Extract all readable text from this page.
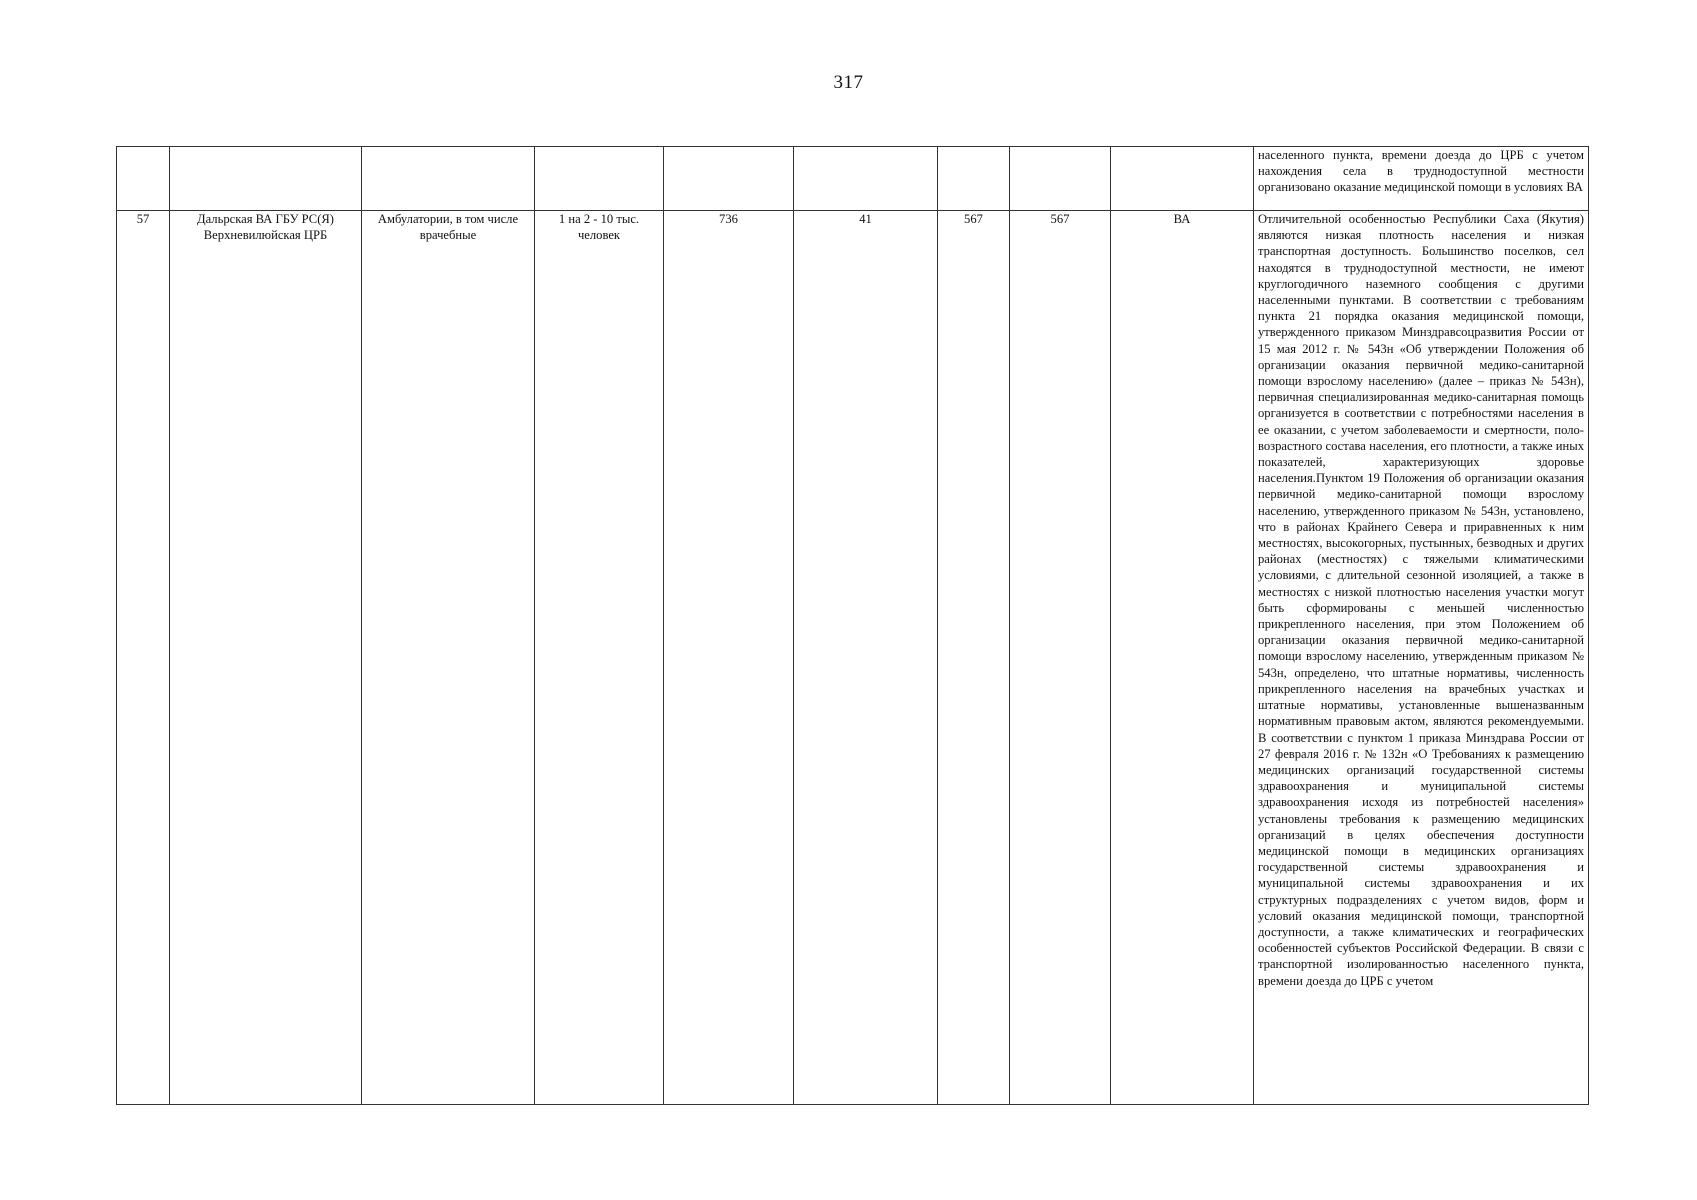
317

									населенного пункта, времени доезда до ЦРБ с учетом нахождения села в труднодоступной местности организовано оказание медицинской помощи в условиях ВА

57	Дальрская ВА ГБУ РС(Я) Верхневилюйская ЦРБ	Амбулатории, в том числе врачебные	1 на 2 - 10 тыс. человек	736	41	567	567	ВА	Отличительной особенностью Республики Саха (Якутия) являются низкая плотность населения и низкая транспортная доступность. Большинство поселков, сел находятся в труднодоступной местности, не имеют круглогодичного наземного сообщения с другими населенными пунктами. В соответствии с требованиям пункта 21 порядка оказания медицинской помощи, утвержденного приказом Минздравсоцразвития России от 15 мая 2012 г. № 543н «Об утверждении Положения об организации оказания первичной медико-санитарной помощи взрослому населению» (далее – приказ № 543н), первичная специализированная медико-санитарная помощь организуется в соответствии с потребностями населения в ее оказании, с учетом заболеваемости и смертности, поло-возрастного состава населения, его плотности, а также иных показателей, характеризующих здоровье населения.Пунктом 19 Положения об организации оказания первичной медико-санитарной помощи взрослому населению, утвержденного приказом № 543н, установлено, что в районах Крайнего Севера и приравненных к ним местностях, высокогорных, пустынных, безводных и других районах (местностях) с тяжелыми климатическими условиями, с длительной сезонной изоляцией, а также в местностях с низкой плотностью населения участки могут быть сформированы с меньшей численностью прикрепленного населения, при этом Положением об организации оказания первичной медико-санитарной помощи взрослому населению, утвержденным приказом № 543н, определено, что штатные нормативы, численность прикрепленного населения на врачебных участках и штатные нормативы, установленные вышеназванным нормативным правовым актом, являются рекомендуемыми. В соответствии с пунктом 1 приказа Минздрава России от 27 февраля 2016 г. № 132н «О Требованиях к размещению медицинских организаций государственной системы здравоохранения и муниципальной системы здравоохранения исходя из потребностей населения» установлены требования к размещению медицинских организаций в целях обеспечения доступности медицинской помощи в медицинских организациях государственной системы здравоохранения и муниципальной системы здравоохранения и их структурных подразделениях с учетом видов, форм и условий оказания медицинской помощи, транспортной доступности, а также климатических и географических особенностей субъектов Российской Федерации. В связи с транспортной изолированностью населенного пункта, времени доезда до ЦРБ с учетом
